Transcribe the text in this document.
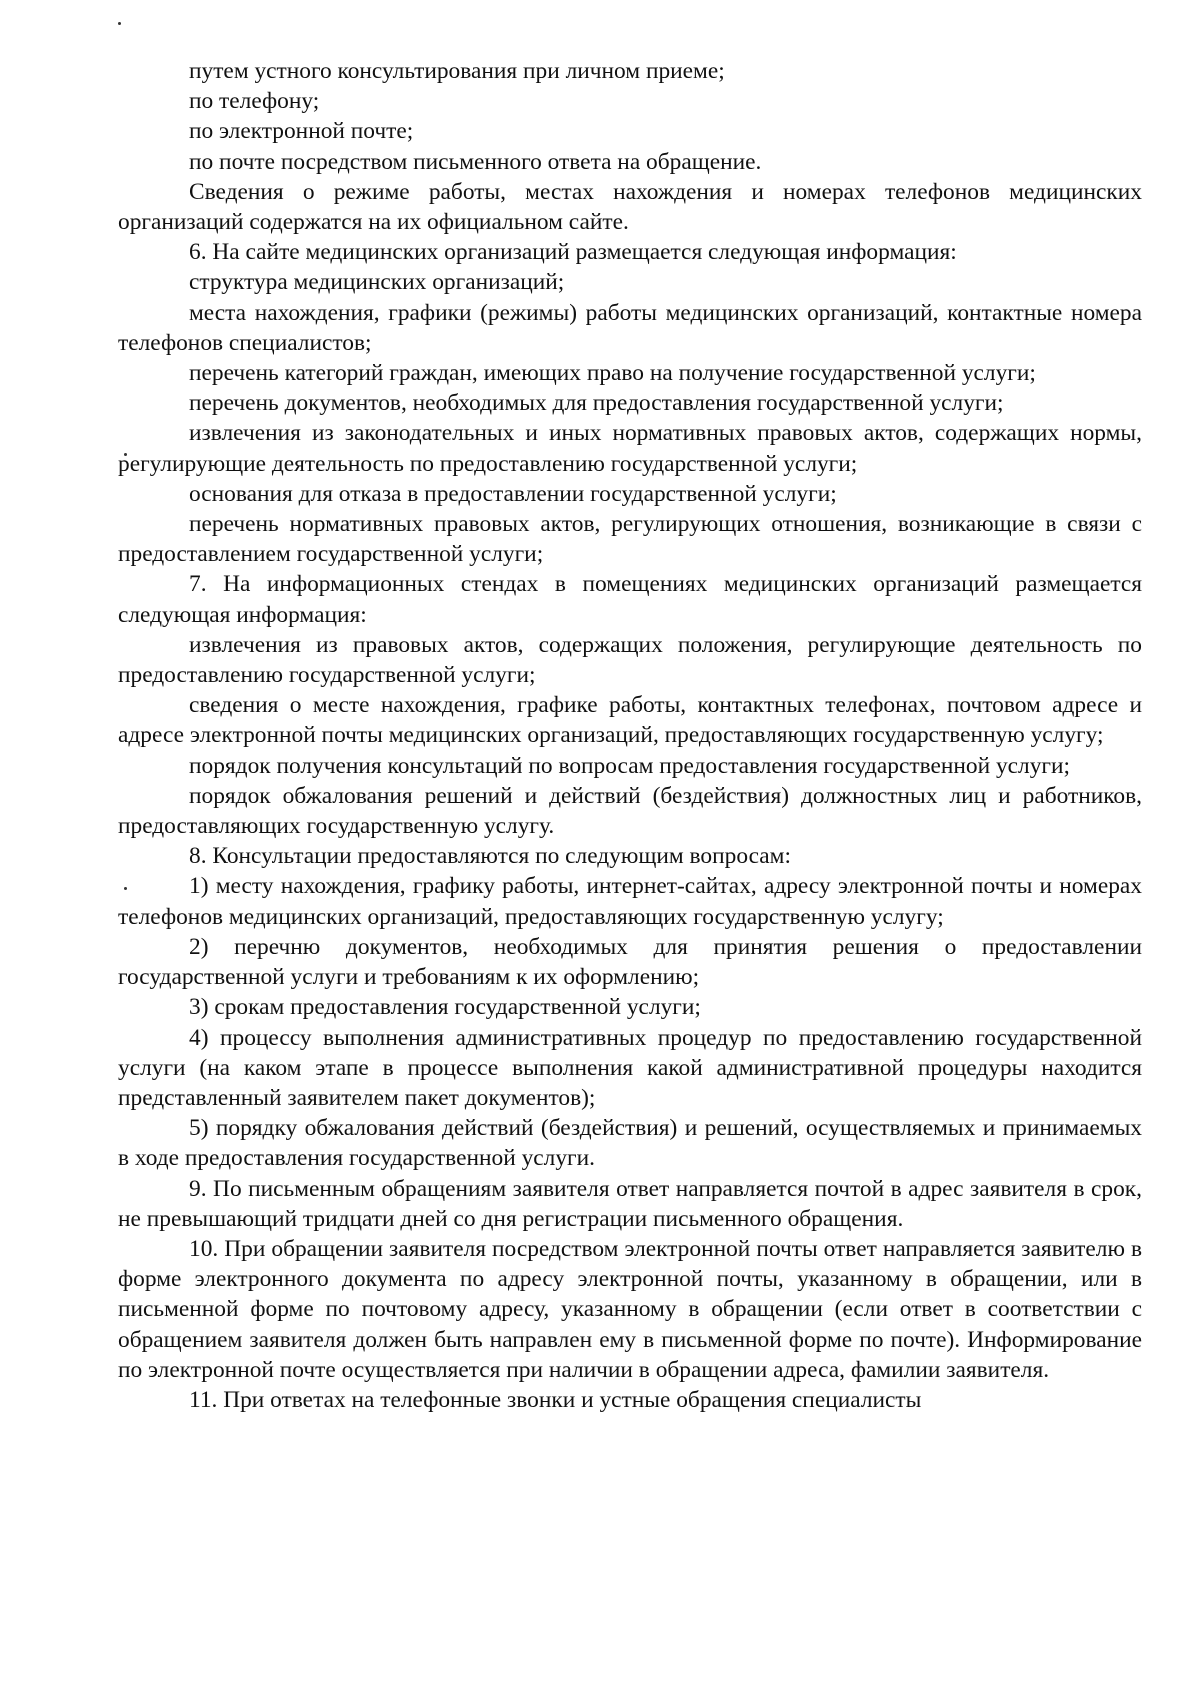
путем устного консультирования при личном приеме;

по телефону;

по электронной почте;

по почте посредством письменного ответа на обращение.

Сведения о режиме работы, местах нахождения и номерах телефонов медицинских организаций содержатся на их официальном сайте.

6. На сайте медицинских организаций размещается следующая информация:

структура медицинских организаций;

места нахождения, графики (режимы) работы медицинских организаций, контактные номера телефонов специалистов;

перечень категорий граждан, имеющих право на получение государственной услуги;

перечень документов, необходимых для предоставления государственной услуги;

извлечения из законодательных и иных нормативных правовых актов, содержащих нормы, регулирующие деятельность по предоставлению государственной услуги;

основания для отказа в предоставлении государственной услуги;

перечень нормативных правовых актов, регулирующих отношения, возникающие в связи с предоставлением государственной услуги;

7. На информационных стендах в помещениях медицинских организаций размещается следующая информация:

извлечения из правовых актов, содержащих положения, регулирующие деятельность по предоставлению государственной услуги;

сведения о месте нахождения, графике работы, контактных телефонах, почтовом адресе и адресе электронной почты медицинских организаций, предоставляющих государственную услугу;

порядок получения консультаций по вопросам предоставления государственной услуги;

порядок обжалования решений и действий (бездействия) должностных лиц и работников, предоставляющих государственную услугу.

8. Консультации предоставляются по следующим вопросам:

1) месту нахождения, графику работы, интернет-сайтах, адресу электронной почты и номерах телефонов медицинских организаций, предоставляющих государственную услугу;

2) перечню документов, необходимых для принятия решения о предоставлении государственной услуги и требованиям к их оформлению;

3) срокам предоставления государственной услуги;

4) процессу выполнения административных процедур по предоставлению государственной услуги (на каком этапе в процессе выполнения какой административной процедуры находится представленный заявителем пакет документов);

5) порядку обжалования действий (бездействия) и решений, осуществляемых и принимаемых в ходе предоставления государственной услуги.

9. По письменным обращениям заявителя ответ направляется почтой в адрес заявителя в срок, не превышающий тридцати дней со дня регистрации письменного обращения.

10. При обращении заявителя посредством электронной почты ответ направляется заявителю в форме электронного документа по адресу электронной почты, указанному в обращении, или в письменной форме по почтовому адресу, указанному в обращении (если ответ в соответствии с обращением заявителя должен быть направлен ему в письменной форме по почте). Информирование по электронной почте осуществляется при наличии в обращении адреса, фамилии заявителя.

11. При ответах на телефонные звонки и устные обращения специалисты
